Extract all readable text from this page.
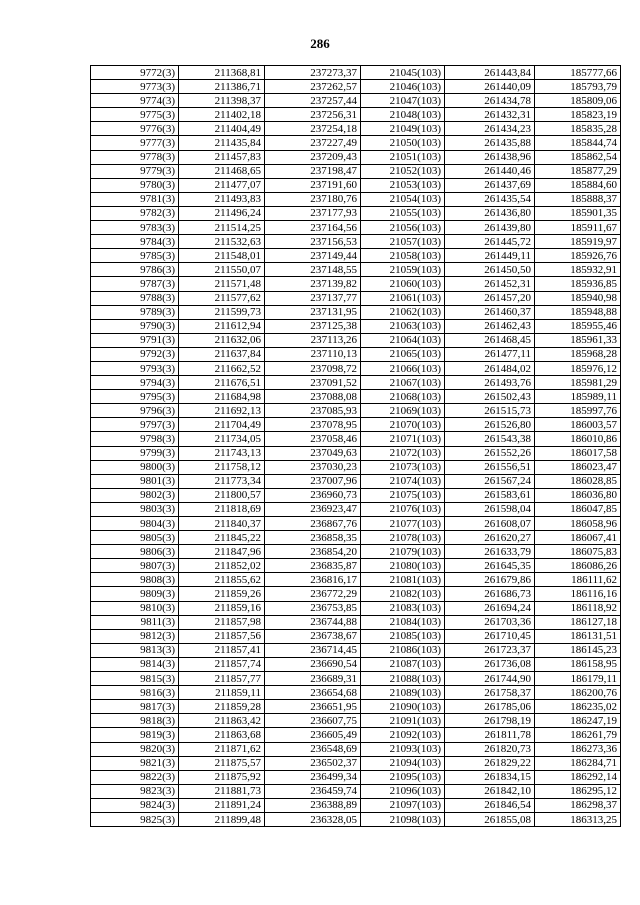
286
9772(3)	211368,81	237273,37	21045(103)	261443,84	185777,66
9773(3)	211386,71	237262,57	21046(103)	261440,09	185793,79
9774(3)	211398,37	237257,44	21047(103)	261434,78	185809,06
9775(3)	211402,18	237256,31	21048(103)	261432,31	185823,19
9776(3)	211404,49	237254,18	21049(103)	261434,23	185835,28
9777(3)	211435,84	237227,49	21050(103)	261435,88	185844,74
9778(3)	211457,83	237209,43	21051(103)	261438,96	185862,54
9779(3)	211468,65	237198,47	21052(103)	261440,46	185877,29
9780(3)	211477,07	237191,60	21053(103)	261437,69	185884,60
9781(3)	211493,83	237180,76	21054(103)	261435,54	185888,37
9782(3)	211496,24	237177,93	21055(103)	261436,80	185901,35
9783(3)	211514,25	237164,56	21056(103)	261439,80	185911,67
9784(3)	211532,63	237156,53	21057(103)	261445,72	185919,97
9785(3)	211548,01	237149,44	21058(103)	261449,11	185926,76
9786(3)	211550,07	237148,55	21059(103)	261450,50	185932,91
9787(3)	211571,48	237139,82	21060(103)	261452,31	185936,85
9788(3)	211577,62	237137,77	21061(103)	261457,20	185940,98
9789(3)	211599,73	237131,95	21062(103)	261460,37	185948,88
9790(3)	211612,94	237125,38	21063(103)	261462,43	185955,46
9791(3)	211632,06	237113,26	21064(103)	261468,45	185961,33
9792(3)	211637,84	237110,13	21065(103)	261477,11	185968,28
9793(3)	211662,52	237098,72	21066(103)	261484,02	185976,12
9794(3)	211676,51	237091,52	21067(103)	261493,76	185981,29
9795(3)	211684,98	237088,08	21068(103)	261502,43	185989,11
9796(3)	211692,13	237085,93	21069(103)	261515,73	185997,76
9797(3)	211704,49	237078,95	21070(103)	261526,80	186003,57
9798(3)	211734,05	237058,46	21071(103)	261543,38	186010,86
9799(3)	211743,13	237049,63	21072(103)	261552,26	186017,58
9800(3)	211758,12	237030,23	21073(103)	261556,51	186023,47
9801(3)	211773,34	237007,96	21074(103)	261567,24	186028,85
9802(3)	211800,57	236960,73	21075(103)	261583,61	186036,80
9803(3)	211818,69	236923,47	21076(103)	261598,04	186047,85
9804(3)	211840,37	236867,76	21077(103)	261608,07	186058,96
9805(3)	211845,22	236858,35	21078(103)	261620,27	186067,41
9806(3)	211847,96	236854,20	21079(103)	261633,79	186075,83
9807(3)	211852,02	236835,87	21080(103)	261645,35	186086,26
9808(3)	211855,62	236816,17	21081(103)	261679,86	186111,62
9809(3)	211859,26	236772,29	21082(103)	261686,73	186116,16
9810(3)	211859,16	236753,85	21083(103)	261694,24	186118,92
9811(3)	211857,98	236744,88	21084(103)	261703,36	186127,18
9812(3)	211857,56	236738,67	21085(103)	261710,45	186131,51
9813(3)	211857,41	236714,45	21086(103)	261723,37	186145,23
9814(3)	211857,74	236690,54	21087(103)	261736,08	186158,95
9815(3)	211857,77	236689,31	21088(103)	261744,90	186179,11
9816(3)	211859,11	236654,68	21089(103)	261758,37	186200,76
9817(3)	211859,28	236651,95	21090(103)	261785,06	186235,02
9818(3)	211863,42	236607,75	21091(103)	261798,19	186247,19
9819(3)	211863,68	236605,49	21092(103)	261811,78	186261,79
9820(3)	211871,62	236548,69	21093(103)	261820,73	186273,36
9821(3)	211875,57	236502,37	21094(103)	261829,22	186284,71
9822(3)	211875,92	236499,34	21095(103)	261834,15	186292,14
9823(3)	211881,73	236459,74	21096(103)	261842,10	186295,12
9824(3)	211891,24	236388,89	21097(103)	261846,54	186298,37
9825(3)	211899,48	236328,05	21098(103)	261855,08	186313,25
